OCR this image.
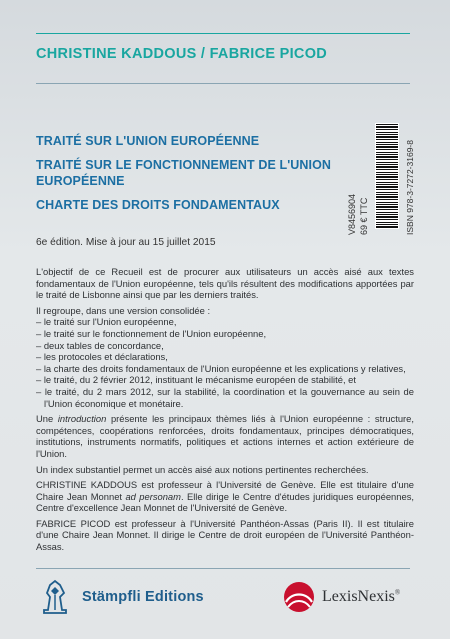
CHRISTINE KADDOUS / FABRICE PICOD
TRAITÉ SUR L'UNION EUROPÉENNE
TRAITÉ SUR LE FONCTIONNEMENT DE L'UNION EUROPÉENNE
CHARTE DES DROITS FONDAMENTAUX
6e édition. Mise à jour au 15 juillet 2015
V8456904 69 € TTC	ISBN 978-3-7272-3169-8

L'objectif de ce Recueil est de procurer aux utilisateurs un accès aisé aux textes fondamentaux de l'Union européenne, tels qu'ils résultent des modifications apportées par le traité de Lisbonne ainsi que par les derniers traités.

Il regroupe, dans une version consolidée :

– le traité sur l'Union européenne,
– le traité sur le fonctionnement de l'Union européenne,
– deux tables de concordance,
– les protocoles et déclarations,
– la charte des droits fondamentaux de l'Union européenne et les explications y relatives,
– le traité, du 2 février 2012, instituant le mécanisme européen de stabilité, et
– le traité, du 2 mars 2012, sur la stabilité, la coordination et la gouvernance au sein de l'Union économique et monétaire.

Une introduction présente les principaux thèmes liés à l'Union européenne : structure, compétences, coopérations renforcées, droits fondamentaux, principes démocratiques, institutions, instruments normatifs, politiques et actions internes et action extérieure de l'Union.

Un index substantiel permet un accès aisé aux notions pertinentes recherchées.

CHRISTINE KADDOUS est professeur à l'Université de Genève. Elle est titulaire d'une Chaire Jean Monnet ad personam. Elle dirige le Centre d'études juridiques européennes, Centre d'excellence Jean Monnet de l'Université de Genève.

FABRICE PICOD est professeur à l'Université Panthéon-Assas (Paris II). Il est titulaire d'une Chaire Jean Monnet. Il dirige le Centre de droit européen de l'Université Panthéon-Assas.

Stämpfli Editions	LexisNexis®
